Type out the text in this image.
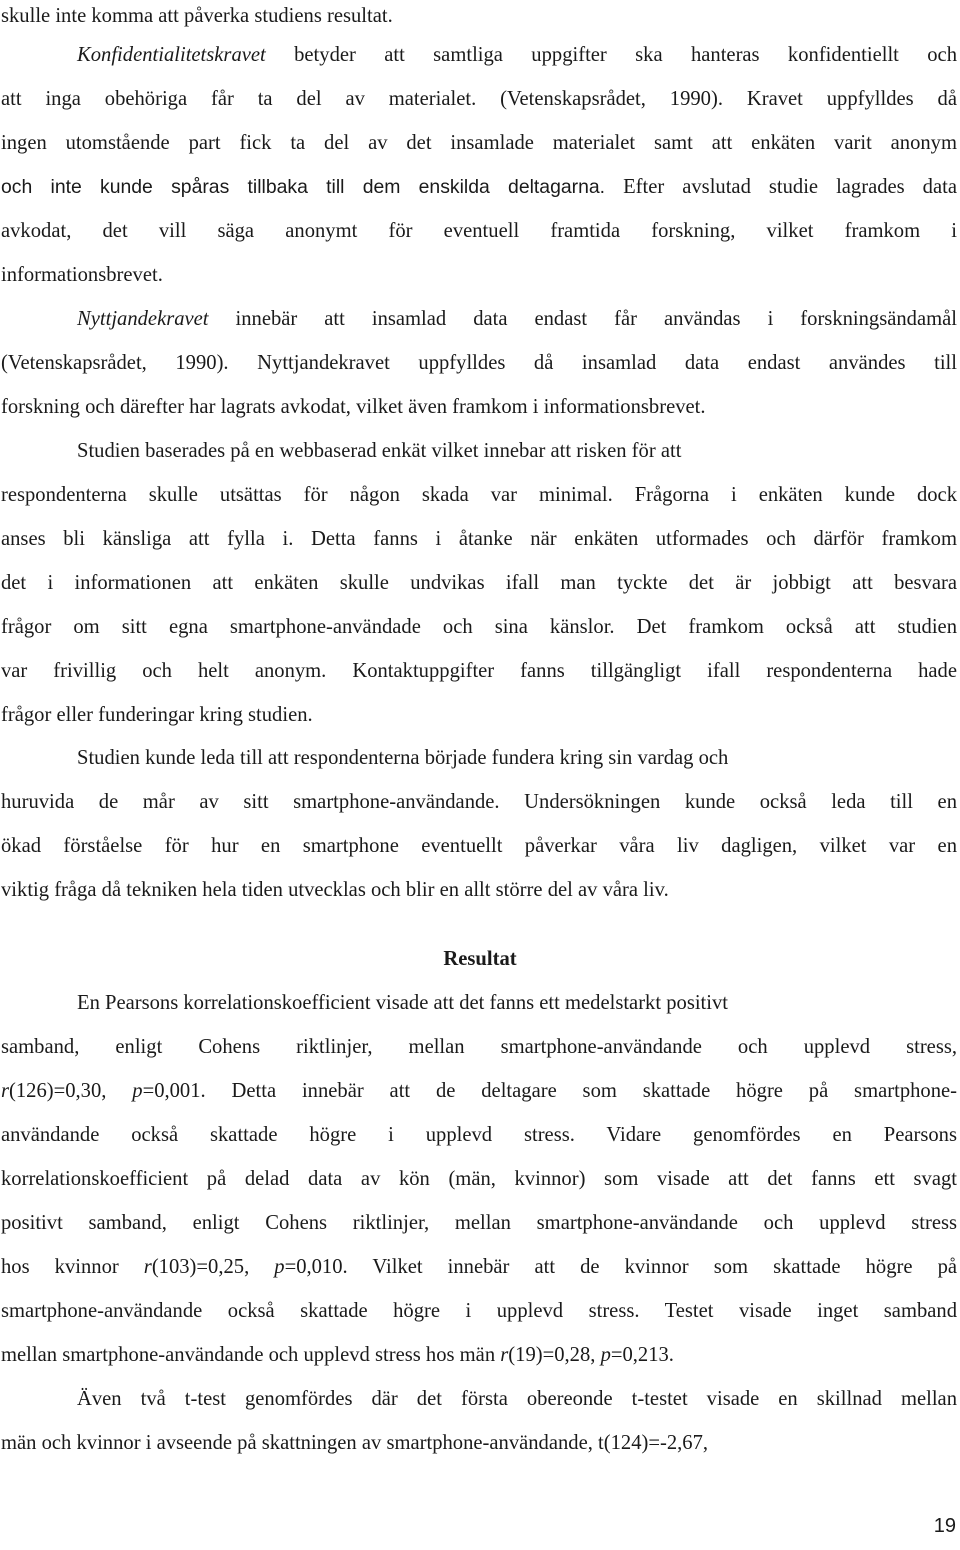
skulle inte komma att påverka studiens resultat.
Konfidentialitetskravet betyder att samtliga uppgifter ska hanteras konfidentiellt och
att inga obehöriga får ta del av materialet. (Vetenskapsrådet, 1990). Kravet uppfylldes då
ingen utomstående part fick ta del av det insamlade materialet samt att enkäten varit anonym
och inte kunde spåras tillbaka till dem enskilda deltagarna. Efter avslutad studie lagrades data
avkodat, det vill säga anonymt för eventuell framtida forskning, vilket framkom i
informationsbrevet.
Nyttjandekravet innebär att insamlad data endast får användas i forskningsändamål
(Vetenskapsrådet, 1990). Nyttjandekravet uppfylldes då insamlad data endast användes till
forskning och därefter har lagrats avkodat, vilket även framkom i informationsbrevet.
Studien baserades på en webbaserad enkät vilket innebar att risken för att
respondenterna skulle utsättas för någon skada var minimal. Frågorna i enkäten kunde dock
anses bli känsliga att fylla i. Detta fanns i åtanke när enkäten utformades och därför framkom
det i informationen att enkäten skulle undvikas ifall man tyckte det är jobbigt att besvara
frågor om sitt egna smartphone-användade och sina känslor. Det framkom också att studien
var frivillig och helt anonym. Kontaktuppgifter fanns tillgängligt ifall respondenterna hade
frågor eller funderingar kring studien.
Studien kunde leda till att respondenterna började fundera kring sin vardag och
huruvida de mår av sitt smartphone-användande. Undersökningen kunde också leda till en
ökad förståelse för hur en smartphone eventuellt påverkar våra liv dagligen, vilket var en
viktig fråga då tekniken hela tiden utvecklas och blir en allt större del av våra liv.
Resultat
En Pearsons korrelationskoefficient visade att det fanns ett medelstarkt positivt
samband, enligt Cohens riktlinjer, mellan smartphone-användande och upplevd stress,
r(126)=0,30, p=0,001. Detta innebär att de deltagare som skattade högre på smartphone-
användande också skattade högre i upplevd stress. Vidare genomfördes en Pearsons
korrelationskoefficient på delad data av kön (män, kvinnor) som visade att det fanns ett svagt
positivt samband, enligt Cohens riktlinjer, mellan smartphone-användande och upplevd stress
hos kvinnor r(103)=0,25, p=0,010. Vilket innebär att de kvinnor som skattade högre på
smartphone-användande också skattade högre i upplevd stress. Testet visade inget samband
mellan smartphone-användande och upplevd stress hos män r(19)=0,28, p=0,213.
Även två t-test genomfördes där det första obereonde t-testet visade en skillnad mellan
män och kvinnor i avseende på skattningen av smartphone-användande, t(124)=-2,67,
19
